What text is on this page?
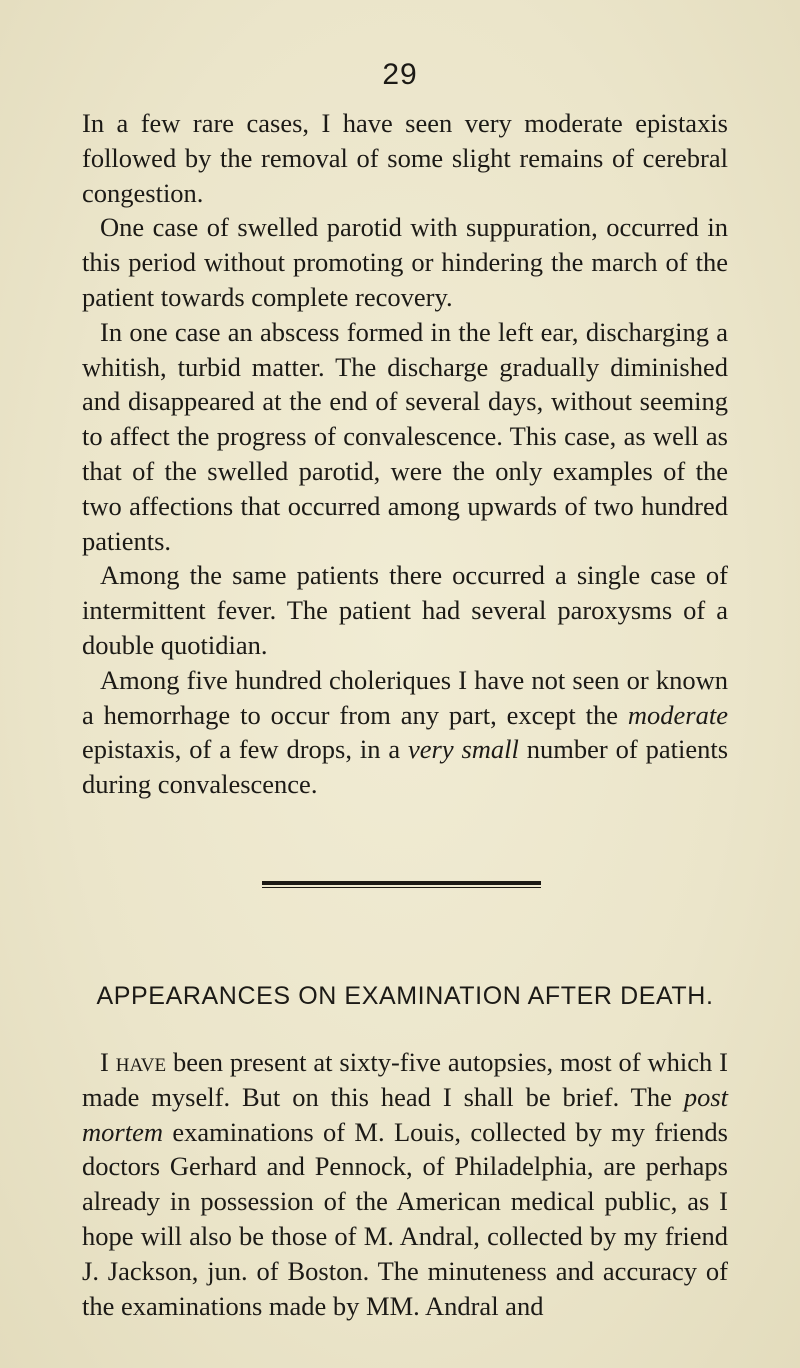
29

In a few rare cases, I have seen very moderate epistaxis followed by the removal of some slight remains of cerebral congestion.

One case of swelled parotid with suppuration, occurred in this period without promoting or hindering the march of the patient towards complete recovery.

In one case an abscess formed in the left ear, discharging a whitish, turbid matter. The discharge gradually diminished and disappeared at the end of several days, without seeming to affect the progress of convalescence. This case, as well as that of the swelled parotid, were the only examples of the two affections that occurred among upwards of two hundred patients.

Among the same patients there occurred a single case of intermittent fever. The patient had several paroxysms of a double quotidian.

Among five hundred choleriques I have not seen or known a hemorrhage to occur from any part, except the moderate epistaxis, of a few drops, in a very small number of patients during convalescence.

APPEARANCES ON EXAMINATION AFTER DEATH.

I have been present at sixty-five autopsies, most of which I made myself. But on this head I shall be brief. The post mortem examinations of M. Louis, collected by my friends doctors Gerhard and Pennock, of Philadelphia, are perhaps already in possession of the American medical public, as I hope will also be those of M. Andral, collected by my friend J. Jackson, jun. of Boston. The minuteness and accuracy of the examinations made by MM. Andral and
